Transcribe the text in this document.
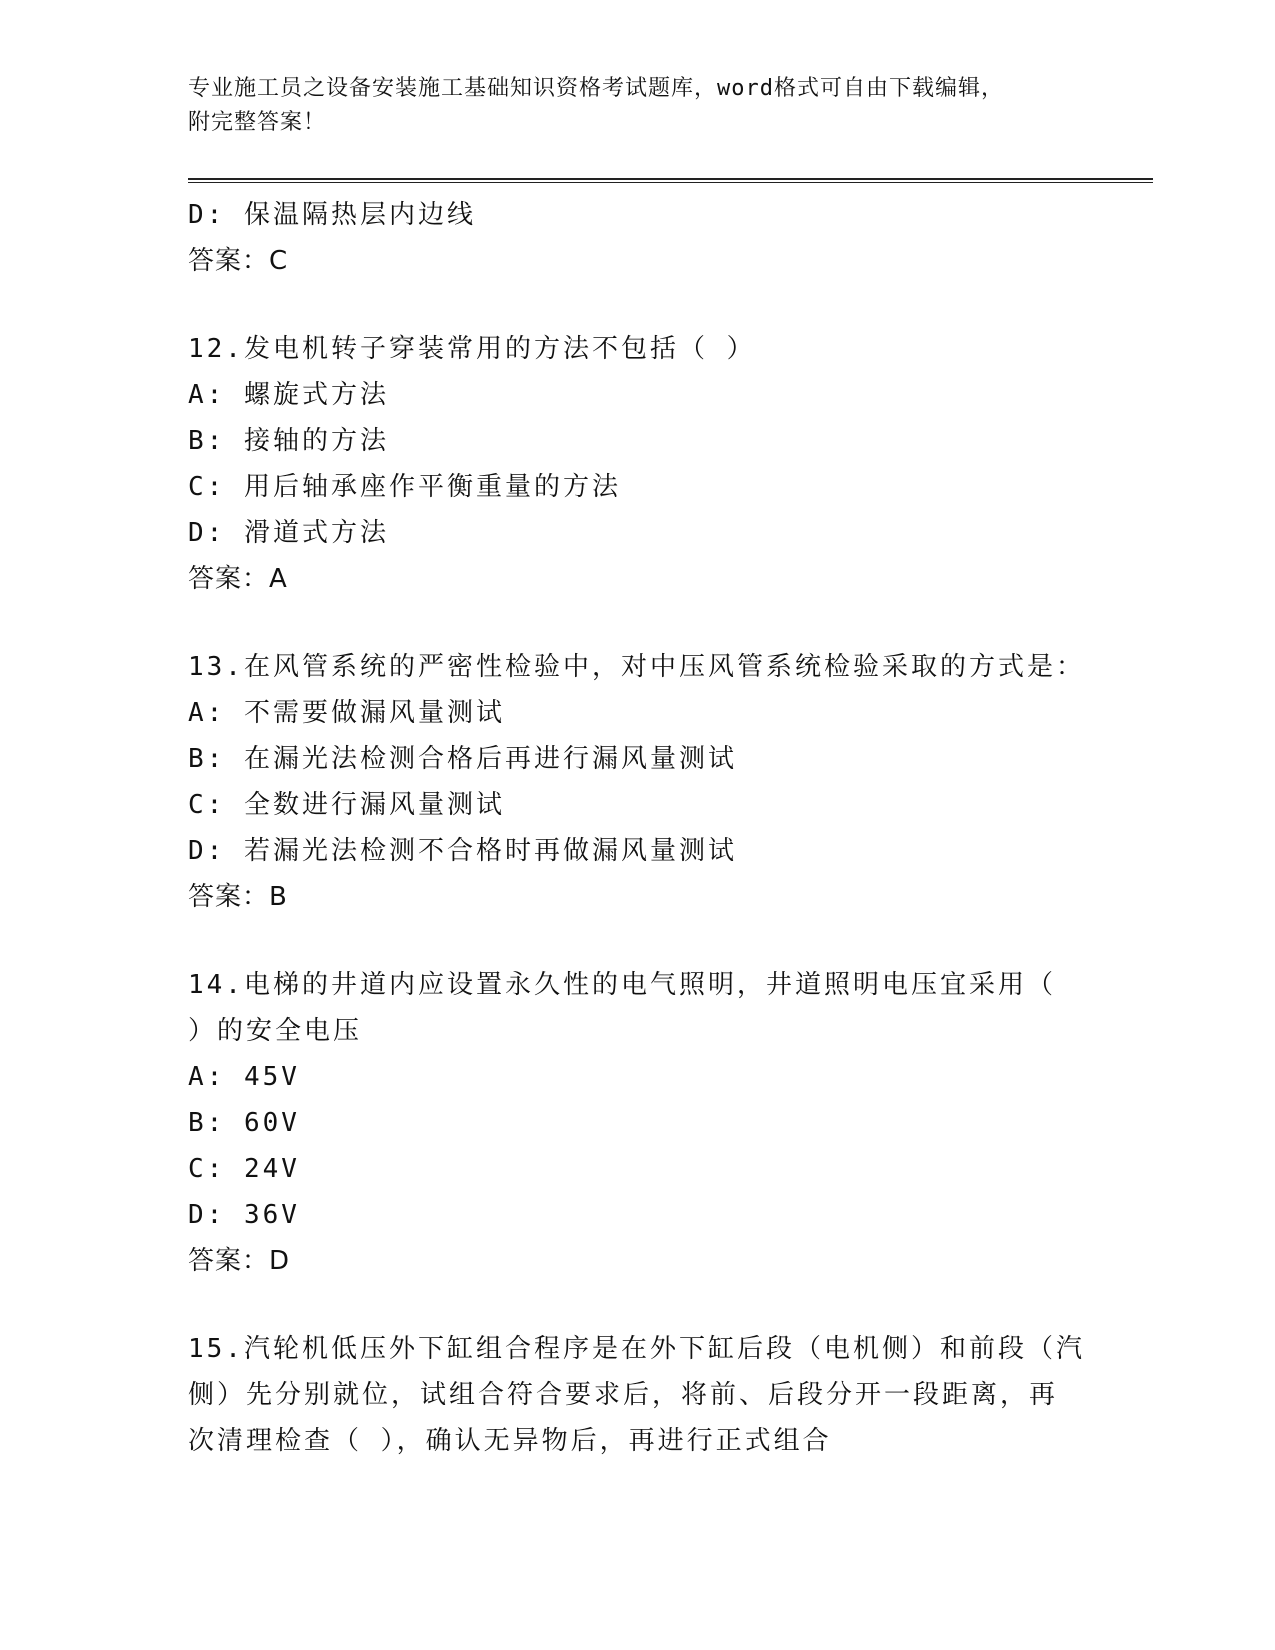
专业施工员之设备安装施工基础知识资格考试题库，word格式可自由下载编辑，
附完整答案！
D: 保温隔热层内边线
答案：C
12.发电机转子穿装常用的方法不包括（ ）
A: 螺旋式方法
B: 接轴的方法
C: 用后轴承座作平衡重量的方法
D: 滑道式方法
答案：A
13.在风管系统的严密性检验中，对中压风管系统检验采取的方式是：
A: 不需要做漏风量测试
B: 在漏光法检测合格后再进行漏风量测试
C: 全数进行漏风量测试
D: 若漏光法检测不合格时再做漏风量测试
答案：B
14.电梯的井道内应设置永久性的电气照明，井道照明电压宜采用（
）的安全电压
A: 45V
B: 60V
C: 24V
D: 36V
答案：D
15.汽轮机低压外下缸组合程序是在外下缸后段（电机侧）和前段（汽
侧）先分别就位，试组合符合要求后，将前、后段分开一段距离，再
次清理检查（ ），确认无异物后，再进行正式组合
